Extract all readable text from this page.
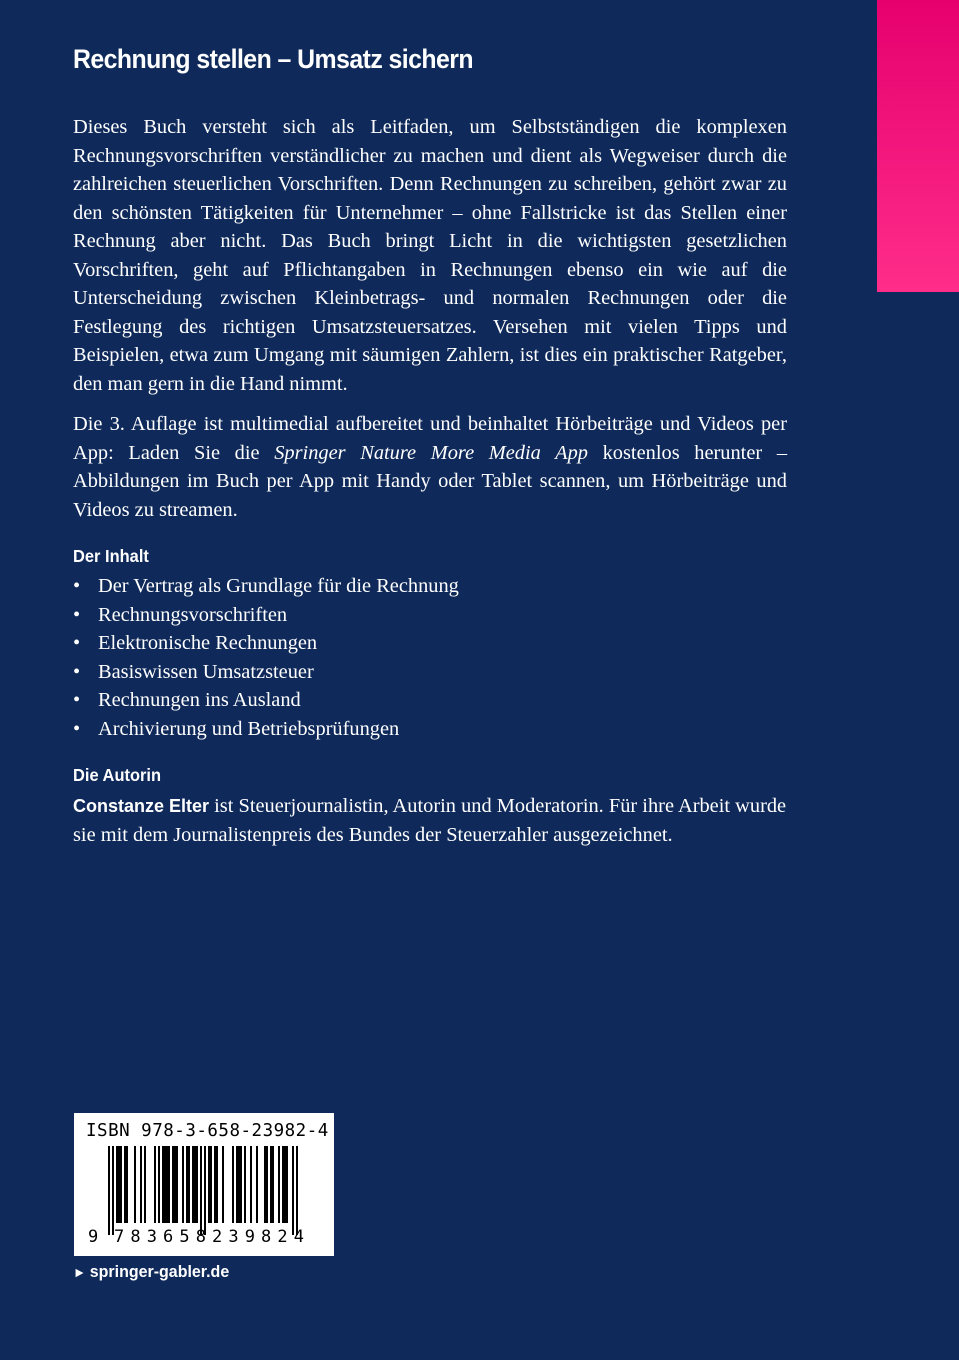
Rechnung stellen – Umsatz sichern

Dieses Buch versteht sich als Leitfaden, um Selbstständigen die komplexen Rechnungsvorschriften verständlicher zu machen und dient als Wegweiser durch die zahlreichen steuerlichen Vorschriften. Denn Rechnungen zu schreiben, gehört zwar zu den schönsten Tätigkeiten für Unternehmer – ohne Fallstricke ist das Stellen einer Rechnung aber nicht. Das Buch bringt Licht in die wichtigsten gesetzlichen Vorschriften, geht auf Pflichtangaben in Rechnungen ebenso ein wie auf die Unterscheidung zwischen Kleinbetrags- und normalen Rechnungen oder die Festlegung des richtigen Umsatzsteuersatzes. Versehen mit vielen Tipps und Beispielen, etwa zum Umgang mit säumigen Zahlern, ist dies ein praktischer Ratgeber, den man gern in die Hand nimmt.

Die 3. Auflage ist multimedial aufbereitet und beinhaltet Hörbeiträge und Videos per App: Laden Sie die Springer Nature More Media App kostenlos herunter – Abbildungen im Buch per App mit Handy oder Tablet scannen, um Hörbeiträge und Videos zu streamen.

Der Inhalt
• Der Vertrag als Grundlage für die Rechnung
• Rechnungsvorschriften
• Elektronische Rechnungen
• Basiswissen Umsatzsteuer
• Rechnungen ins Ausland
• Archivierung und Betriebsprüfungen
Die Autorin

Constanze Elter ist Steuerjournalistin, Autorin und Moderatorin. Für ihre Arbeit wurde sie mit dem Journalistenpreis des Bundes der Steuerzahler ausgezeichnet.

ISBN 978-3-658-23982-4
9 783658 239824
► springer-gabler.de
